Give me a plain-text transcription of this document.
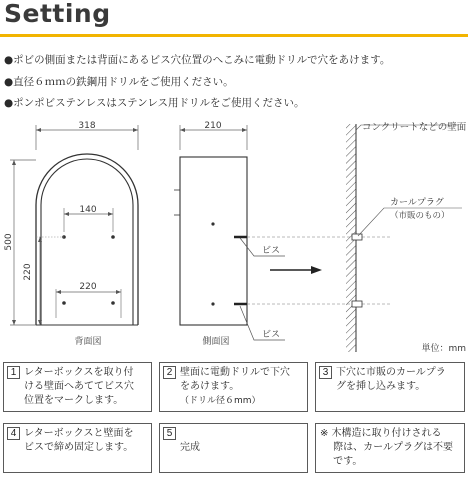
Setting
●ポビの側面または背面にあるビス穴位置のへこみに電動ドリルで穴をあけます。
●直径６ｍｍの鉄鋼用ドリルをご使用ください。
●ポンポビステンレスはステンレス用ドリルをご使用ください。
318
500
140
220
220
背面図
210
ビス
ビス
側面図
コンクリートなどの壁面
カールプラグ
（市販のもの）
単位：mm
1 レターボックスを取り付
ける壁面へあててビス穴
位置をマークします。
2 壁面に電動ドリルで下穴
をあけます。
（ドリル径６mm）
3 下穴に市販のカールプラ
グを挿し込みます。
4 レターボックスと壁面を
ビスで締め固定します。
5
完成
※ 木構造に取り付けされる
　 際は、カールプラグは不要
　 です。
